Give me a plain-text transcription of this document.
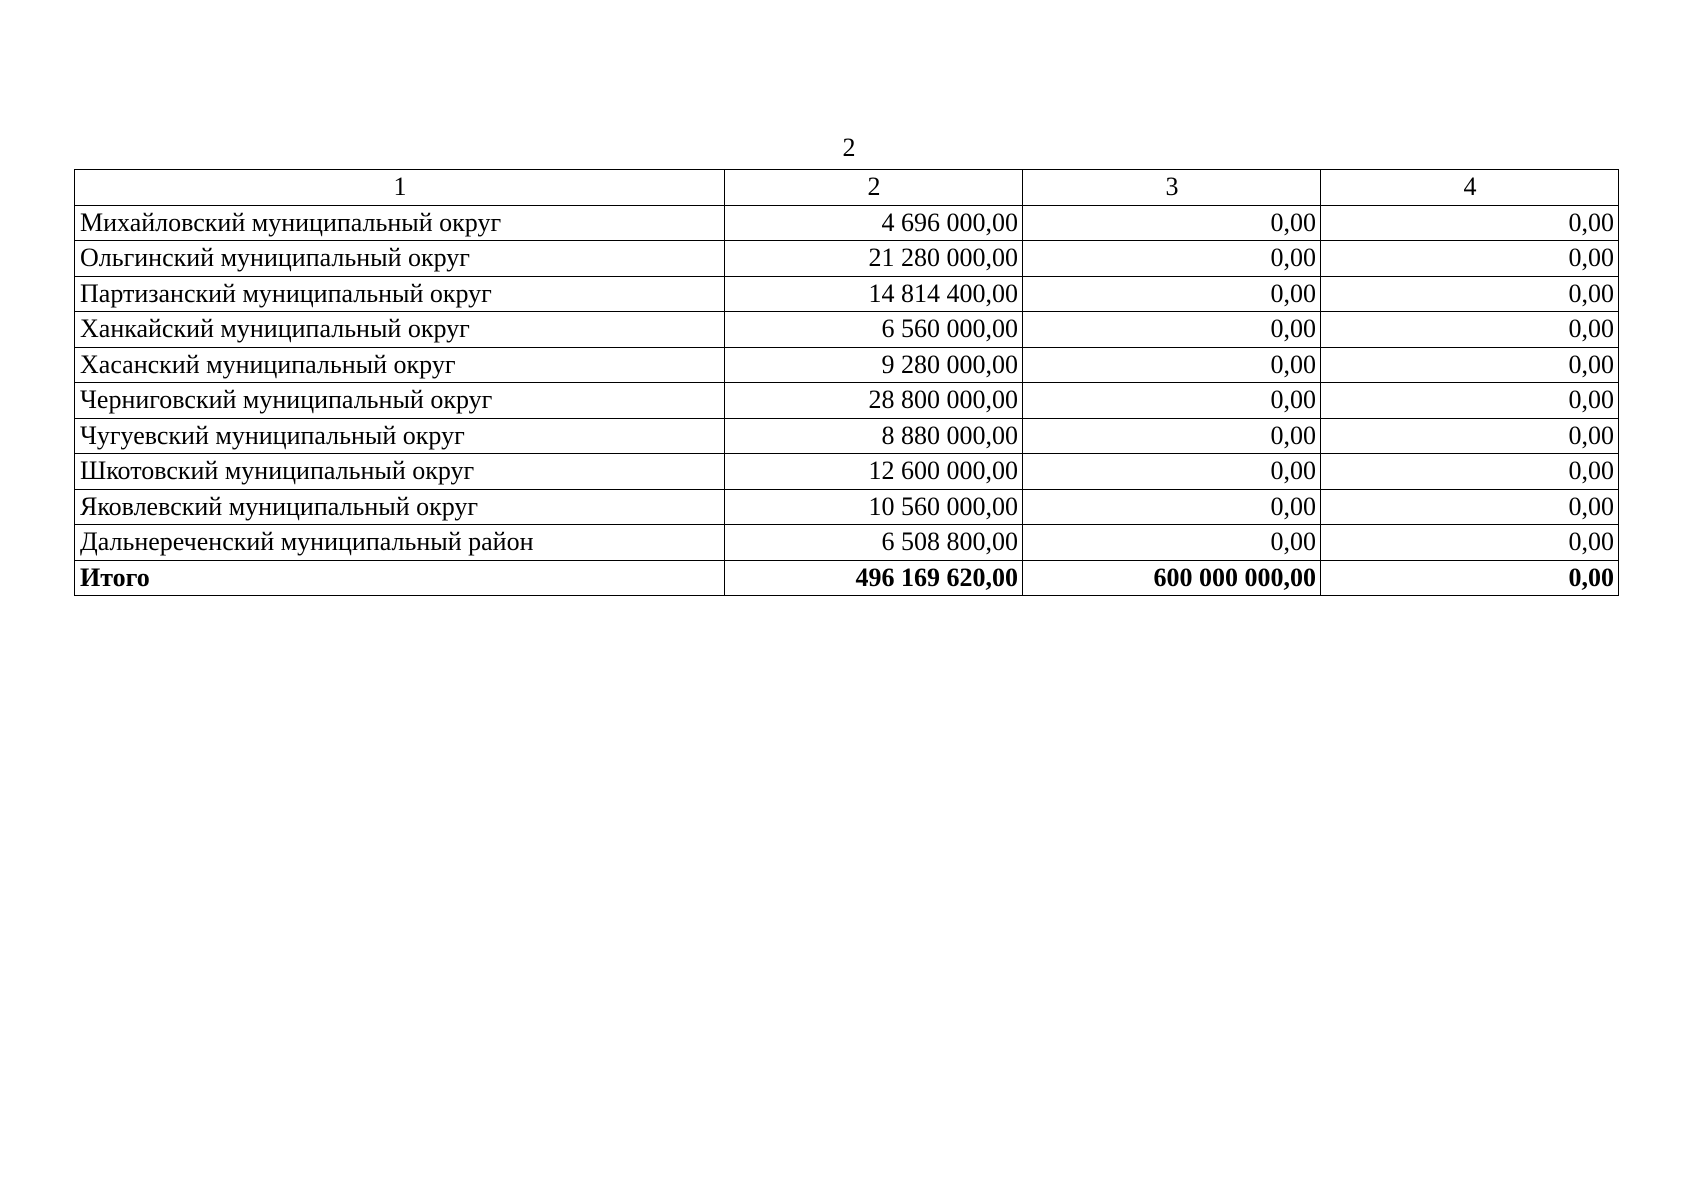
2
1	2	3	4
Михайловский муниципальный округ	4 696 000,00	0,00	0,00
Ольгинский муниципальный округ	21 280 000,00	0,00	0,00
Партизанский муниципальный округ	14 814 400,00	0,00	0,00
Ханкайский муниципальный округ	6 560 000,00	0,00	0,00
Хасанский муниципальный округ	9 280 000,00	0,00	0,00
Черниговский муниципальный округ	28 800 000,00	0,00	0,00
Чугуевский муниципальный округ	8 880 000,00	0,00	0,00
Шкотовский муниципальный округ	12 600 000,00	0,00	0,00
Яковлевский муниципальный округ	10 560 000,00	0,00	0,00
Дальнереченский муниципальный район	6 508 800,00	0,00	0,00
Итого	496 169 620,00	600 000 000,00	0,00
